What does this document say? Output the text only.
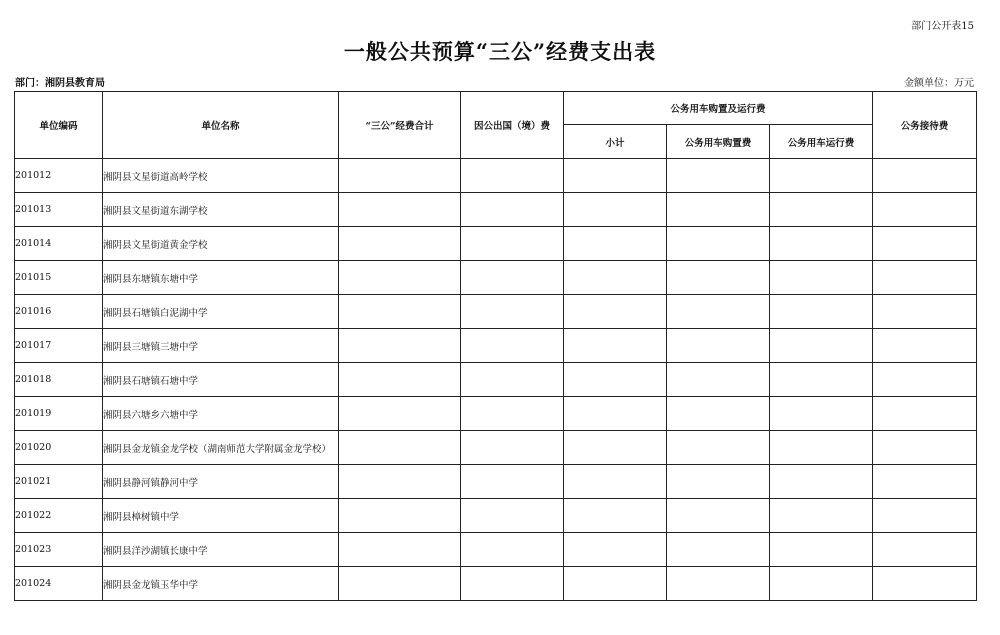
部门公开表15
一般公共预算“三公”经费支出表
部门：湘阴县教育局	金额单位：万元
单位编码	单位名称	“三公”经费合计	因公出国（境）费	公务用车购置及运行费			公务接待费
				小计	公务用车购置费	公务用车运行费	
201012	湘阴县文星街道高岭学校						
201013	湘阴县文星街道东湖学校						
201014	湘阴县文星街道黄金学校						
201015	湘阴县东塘镇东塘中学						
201016	湘阴县石塘镇白泥湖中学						
201017	湘阴县三塘镇三塘中学						
201018	湘阴县石塘镇石塘中学						
201019	湘阴县六塘乡六塘中学						
201020	湘阴县金龙镇金龙学校（湖南师范大学附属金龙学校）						
201021	湘阴县静河镇静河中学						
201022	湘阴县樟树镇中学						
201023	湘阴县洋沙湖镇长康中学						
201024	湘阴县金龙镇玉华中学						
